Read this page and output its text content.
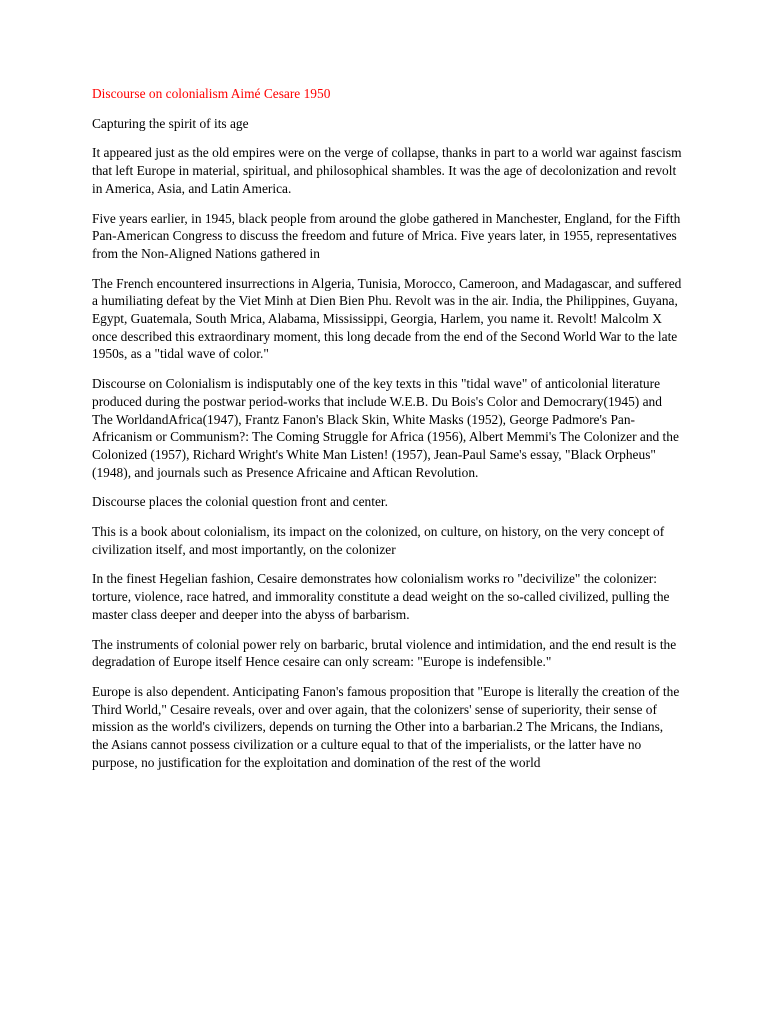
Discourse on colonialism Aimé Cesare 1950

Capturing the spirit of its age

It appeared just as the old empires were on the verge of collapse, thanks in part to a world war against fascism that left Europe in material, spiritual, and philosophical shambles. It was the age of decolonization and revolt in America, Asia, and Latin America.

Five years earlier, in 1945, black people from around the globe gathered in Manchester, England, for the Fifth Pan-American Congress to discuss the freedom and future of Mrica. Five years later, in 1955, representatives from the Non-Aligned Nations gathered in

The French encountered insurrections in Algeria, Tunisia, Morocco, Cameroon, and Madagascar, and suffered a humiliating defeat by the Viet Minh at Dien Bien Phu. Revolt was in the air. India, the Philippines, Guyana, Egypt, Guatemala, South Mrica, Alabama, Mississippi, Georgia, Harlem, you name it. Revolt! Malcolm X once described this extraordinary moment, this long decade from the end of the Second World War to the late 1950s, as a "tidal wave of color."

Discourse on Colonialism is indisputably one of the key texts in this "tidal wave" of anticolonial literature produced during the postwar period-works that include W.E.B. Du Bois's Color and Democrary(1945) and The WorldandAfrica(1947), Frantz Fanon's Black Skin, White Masks (1952), George Padmore's Pan-Africanism or Communism?: The Coming Struggle for Africa (1956), Albert Memmi's The Colonizer and the Colonized (1957), Richard Wright's White Man Listen! (1957), Jean-Paul Same's essay, "Black Orpheus" (1948), and journals such as Presence Africaine and Aftican Revolution.

Discourse places the colonial question front and center.

This is a book about colonialism, its impact on the colonized, on culture, on history, on the very concept of civilization itself, and most importantly, on the colonizer

In the finest Hegelian fashion, Cesaire demonstrates how colonialism works ro "decivilize" the colonizer: torture, violence, race hatred, and immorality constitute a dead weight on the so-called civilized, pulling the master class deeper and deeper into the abyss of barbarism.

The instruments of colonial power rely on barbaric, brutal violence and intimidation, and the end result is the degradation of Europe itself Hence cesaire can only scream: "Europe is indefensible."

Europe is also dependent. Anticipating Fanon's famous proposition that "Europe is literally the creation of the Third World," Cesaire reveals, over and over again, that the colonizers' sense of superiority, their sense of mission as the world's civilizers, depends on turning the Other into a barbarian.2 The Mricans, the Indians, the Asians cannot possess civilization or a culture equal to that of the imperialists, or the latter have no purpose, no justification for the exploitation and domination of the rest of the world
